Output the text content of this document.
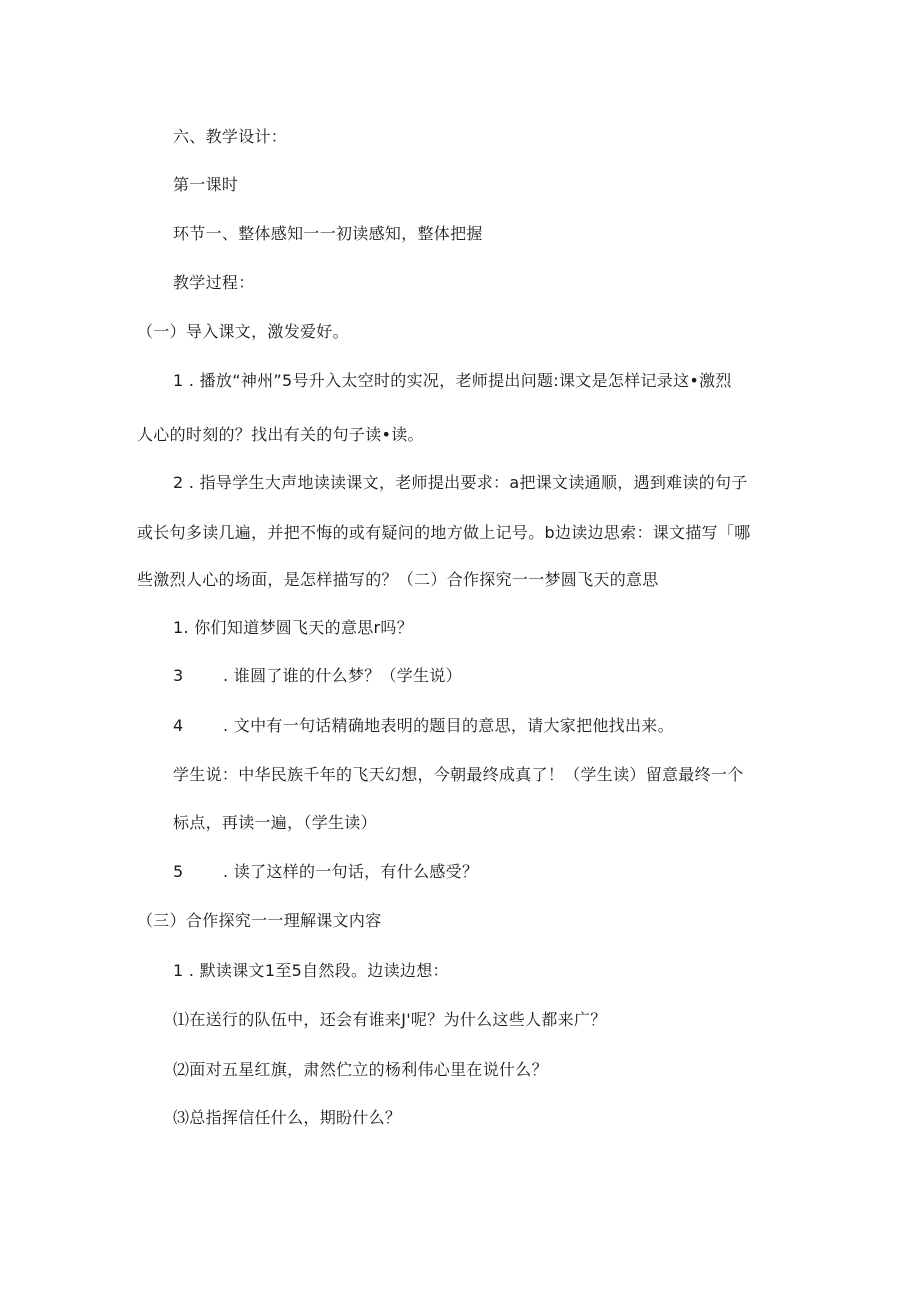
六、教学设计：
第一课时
环节一、整体感知一一初读感知，整体把握
教学过程：
（一）导入课文，激发爱好。
1 . 播放“神州”5号升入太空时的实况，老师提出问题:课文是怎样记录这•激烈
人心的时刻的？找出有关的句子读•读。
2 . 指导学生大声地读读课文，老师提出要求：a把课文读通顺，遇到难读的句子
或长句多读几遍，并把不悔的或有疑问的地方做上记号。b边读边思索：课文描写「哪
些激烈人心的场面，是怎样描写的？（二）合作探究一一梦圆飞天的意思
1. 你们知道梦圆飞天的意思r吗？
3 . 谁圆了谁的什么梦？（学生说）
4 . 文中有一句话精确地表明的题目的意思，请大家把他找出来。
学生说：中华民族千年的飞天幻想，今朝最终成真了！（学生读）留意最终一个
标点，再读一遍，（学生读）
5 . 读了这样的一句话，有什么感受？
（三）合作探究一一理解课文内容
1 . 默读课文1至5自然段。边读边想：
⑴在送行的队伍中，还会有谁来J'呢？为什么这些人都来广？
⑵面对五星红旗，肃然伫立的杨利伟心里在说什么？
⑶总指挥信任什么，期盼什么？
